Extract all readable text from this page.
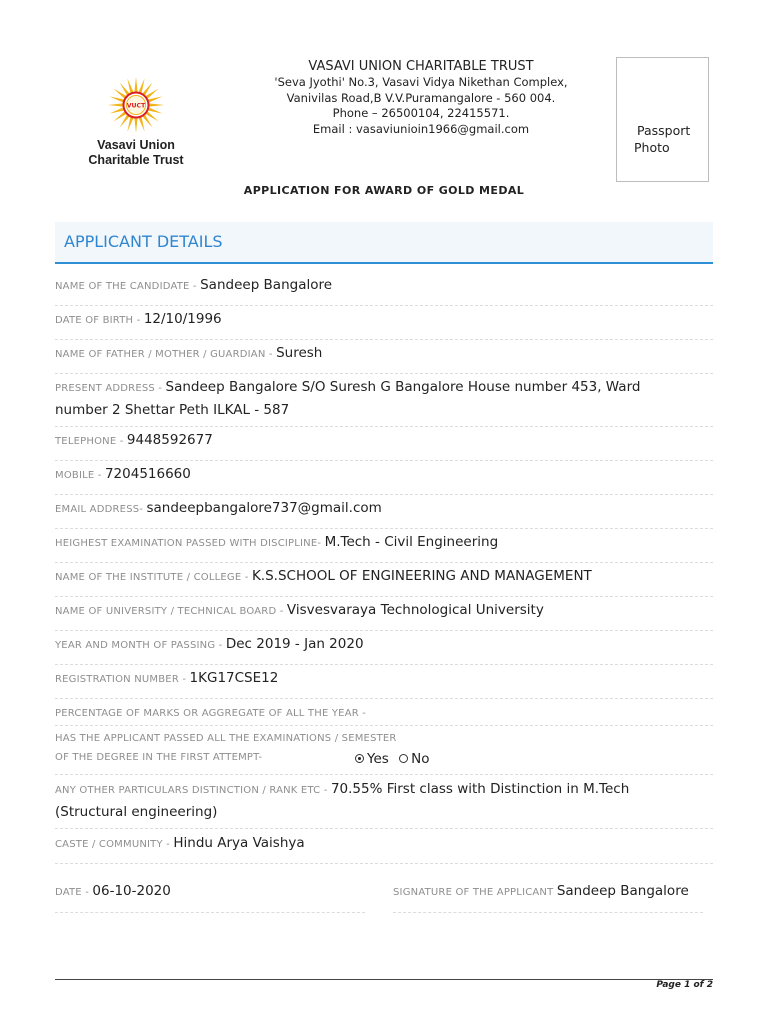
VUCT
Vasavi Union
Charitable Trust
VASAVI UNION CHARITABLE TRUST
'Seva Jyothi' No.3, Vasavi Vidya Nikethan Complex,
Vanivilas Road,B V.V.Puramangalore - 560 004.
Phone – 26500104, 22415571.
Email : vasaviunioin1966@gmail.com	Passport
Photo
APPLICATION FOR AWARD OF GOLD MEDAL
APPLICANT DETAILS
NAME OF THE CANDIDATE - Sandeep Bangalore
DATE OF BIRTH - 12/10/1996
NAME OF FATHER / MOTHER / GUARDIAN - Suresh
PRESENT ADDRESS - Sandeep Bangalore S/O Suresh G Bangalore House number 453, Ward
number 2 Shettar Peth ILKAL - 587
TELEPHONE - 9448592677
MOBILE - 7204516660
EMAIL ADDRESS- sandeepbangalore737@gmail.com
HEIGHEST EXAMINATION PASSED WITH DISCIPLINE- M.Tech - Civil Engineering
NAME OF THE INSTITUTE / COLLEGE - K.S.SCHOOL OF ENGINEERING AND MANAGEMENT
NAME OF UNIVERSITY / TECHNICAL BOARD - Visvesvaraya Technological University
YEAR AND MONTH OF PASSING - Dec 2019 - Jan 2020
REGISTRATION NUMBER - 1KG17CSE12
PERCENTAGE OF MARKS OR AGGREGATE OF ALL THE YEAR -
HAS THE APPLICANT PASSED ALL THE EXAMINATIONS / SEMESTER
OF THE DEGREE IN THE FIRST ATTEMPT-	Yes No
ANY OTHER PARTICULARS DISTINCTION / RANK ETC - 70.55% First class with Distinction in M.Tech
(Structural engineering)
CASTE / COMMUNITY - Hindu Arya Vaishya
DATE - 06-10-2020	SIGNATURE OF THE APPLICANT Sandeep Bangalore
Page 1 of 2
